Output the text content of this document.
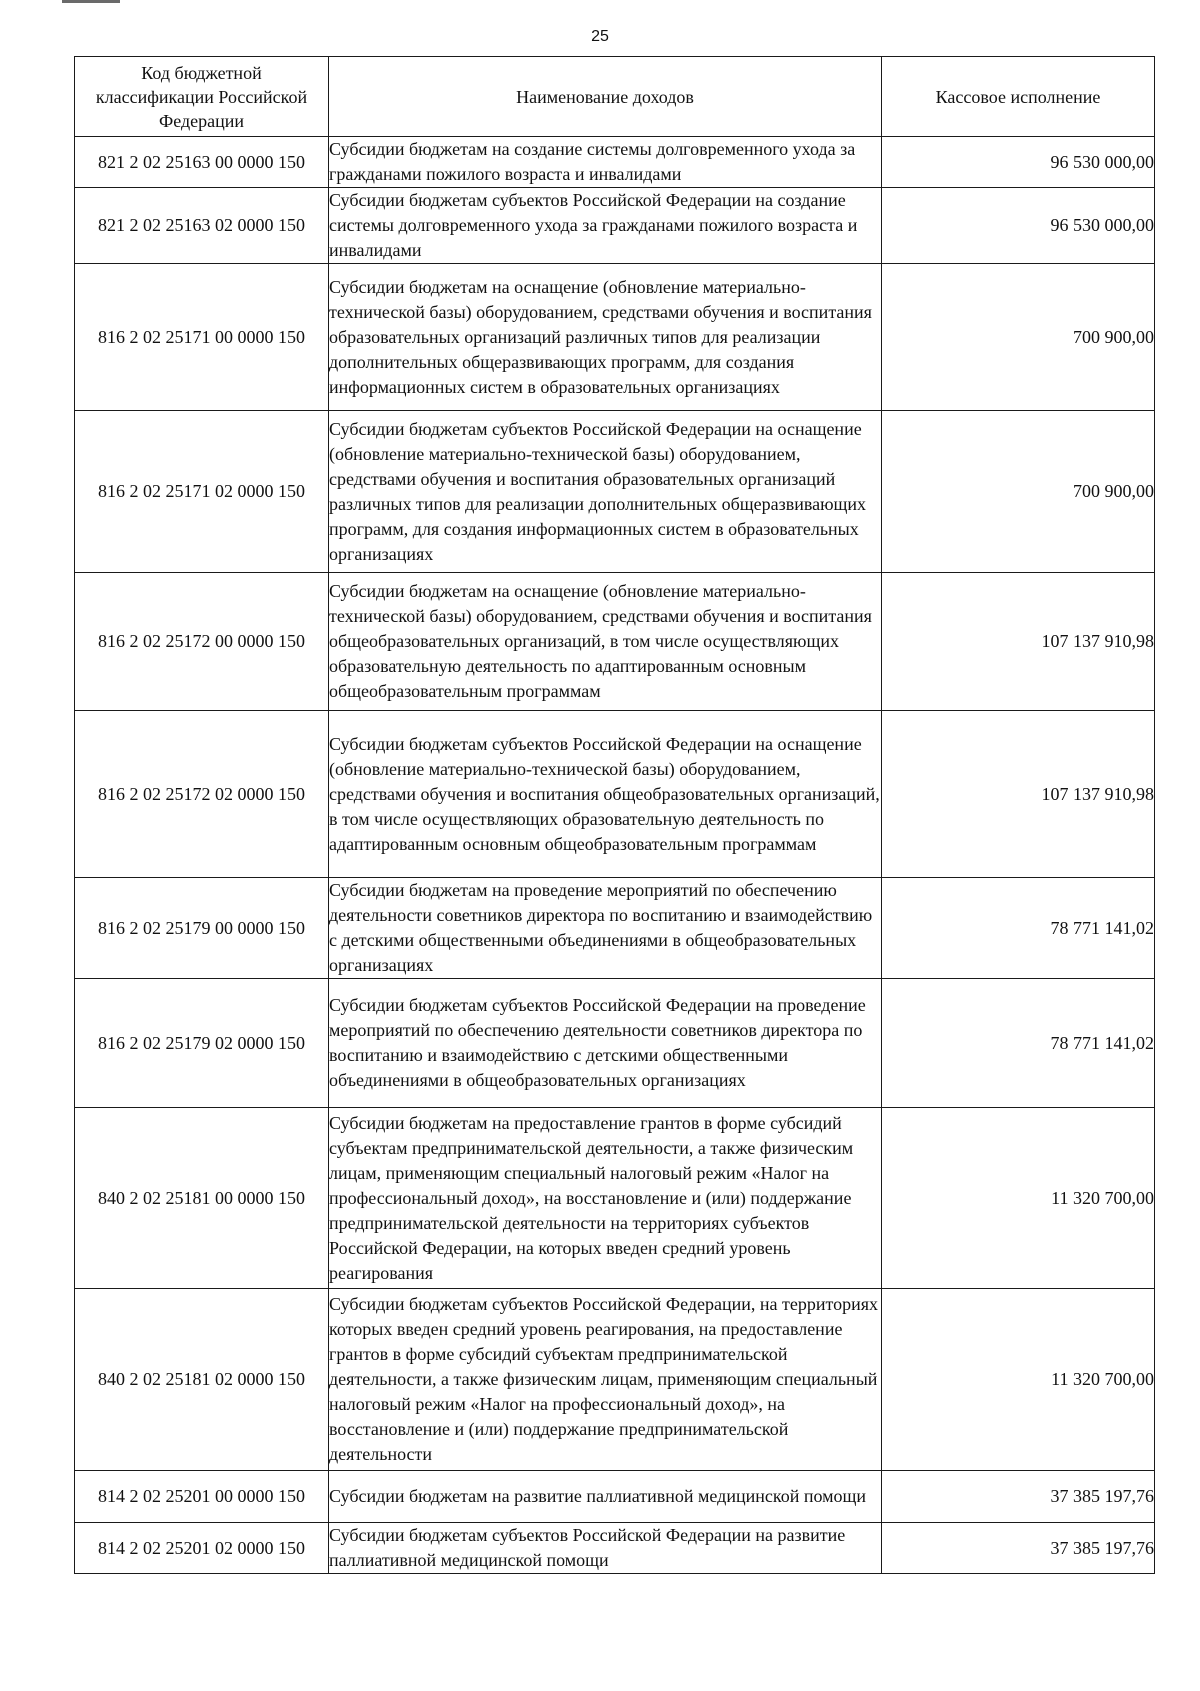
25
Код бюджетной классификации Российской Федерации	Наименование доходов	Кассовое исполнение
821 2 02 25163 00 0000 150	Субсидии бюджетам на создание системы долговременного ухода за гражданами пожилого возраста и инвалидами	96 530 000,00
821 2 02 25163 02 0000 150	Субсидии бюджетам субъектов Российской Федерации на создание системы долговременного ухода за гражданами пожилого возраста и инвалидами	96 530 000,00
816 2 02 25171 00 0000 150	Субсидии бюджетам на оснащение (обновление материально-технической базы) оборудованием, средствами обучения и воспитания образовательных организаций различных типов для реализации дополнительных общеразвивающих программ, для создания информационных систем в образовательных организациях	700 900,00
816 2 02 25171 02 0000 150	Субсидии бюджетам субъектов Российской Федерации на оснащение (обновление материально-технической базы) оборудованием, средствами обучения и воспитания образовательных организаций различных типов для реализации дополнительных общеразвивающих программ, для создания информационных систем в образовательных организациях	700 900,00
816 2 02 25172 00 0000 150	Субсидии бюджетам на оснащение (обновление материально-технической базы) оборудованием, средствами обучения и воспитания общеобразовательных организаций, в том числе осуществляющих образовательную деятельность по адаптированным основным общеобразовательным программам	107 137 910,98
816 2 02 25172 02 0000 150	Субсидии бюджетам субъектов Российской Федерации на оснащение (обновление материально-технической базы) оборудованием, средствами обучения и воспитания общеобразовательных организаций, в том числе осуществляющих образовательную деятельность по адаптированным основным общеобразовательным программам	107 137 910,98
816 2 02 25179 00 0000 150	Субсидии бюджетам на проведение мероприятий по обеспечению деятельности советников директора по воспитанию и взаимодействию с детскими общественными объединениями в общеобразовательных организациях	78 771 141,02
816 2 02 25179 02 0000 150	Субсидии бюджетам субъектов Российской Федерации на проведение мероприятий по обеспечению деятельности советников директора по воспитанию и взаимодействию с детскими общественными объединениями в общеобразовательных организациях	78 771 141,02
840 2 02 25181 00 0000 150	Субсидии бюджетам на предоставление грантов в форме субсидий субъектам предпринимательской деятельности, а также физическим лицам, применяющим специальный налоговый режим «Налог на профессиональный доход», на восстановление и (или) поддержание предпринимательской деятельности на территориях субъектов Российской Федерации, на которых введен средний уровень реагирования	11 320 700,00
840 2 02 25181 02 0000 150	Субсидии бюджетам субъектов Российской Федерации, на территориях которых введен средний уровень реагирования, на предоставление грантов в форме субсидий субъектам предпринимательской деятельности, а также физическим лицам, применяющим специальный налоговый режим «Налог на профессиональный доход», на восстановление и (или) поддержание предпринимательской деятельности	11 320 700,00
814 2 02 25201 00 0000 150	Субсидии бюджетам на развитие паллиативной медицинской помощи	37 385 197,76
814 2 02 25201 02 0000 150	Субсидии бюджетам субъектов Российской Федерации на развитие паллиативной медицинской помощи	37 385 197,76
